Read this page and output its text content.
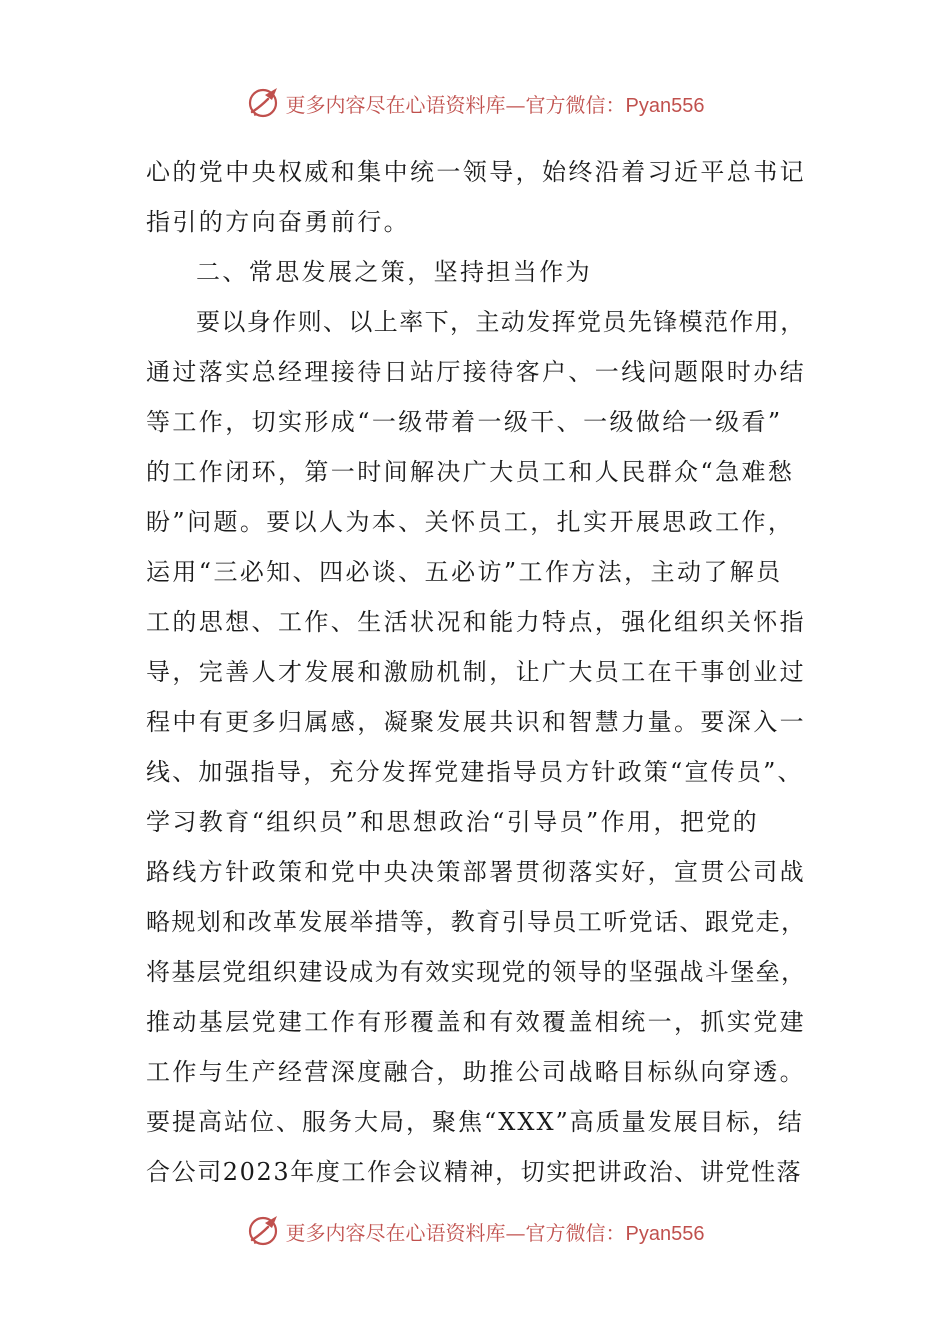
更多内容尽在心语资料库—官方微信：Pyan556
心的党中央权威和集中统一领导，始终沿着习近平总书记
指引的方向奋勇前行。
二、常思发展之策，坚持担当作为
要以身作则、以上率下，主动发挥党员先锋模范作用，
通过落实总经理接待日站厅接待客户、一线问题限时办结
等工作，切实形成“一级带着一级干、一级做给一级看”
的工作闭环，第一时间解决广大员工和人民群众“急难愁
盼”问题。要以人为本、关怀员工，扎实开展思政工作，
运用“三必知、四必谈、五必访”工作方法，主动了解员
工的思想、工作、生活状况和能力特点，强化组织关怀指
导，完善人才发展和激励机制，让广大员工在干事创业过
程中有更多归属感，凝聚发展共识和智慧力量。要深入一
线、加强指导，充分发挥党建指导员方针政策“宣传员”、
学习教育“组织员”和思想政治“引导员”作用，把党的
路线方针政策和党中央决策部署贯彻落实好，宣贯公司战
略规划和改革发展举措等，教育引导员工听党话、跟党走，
将基层党组织建设成为有效实现党的领导的坚强战斗堡垒，
推动基层党建工作有形覆盖和有效覆盖相统一，抓实党建
工作与生产经营深度融合，助推公司战略目标纵向穿透。
要提高站位、服务大局，聚焦“XXX”高质量发展目标，结
合公司2023年度工作会议精神，切实把讲政治、讲党性落
更多内容尽在心语资料库—官方微信：Pyan556
